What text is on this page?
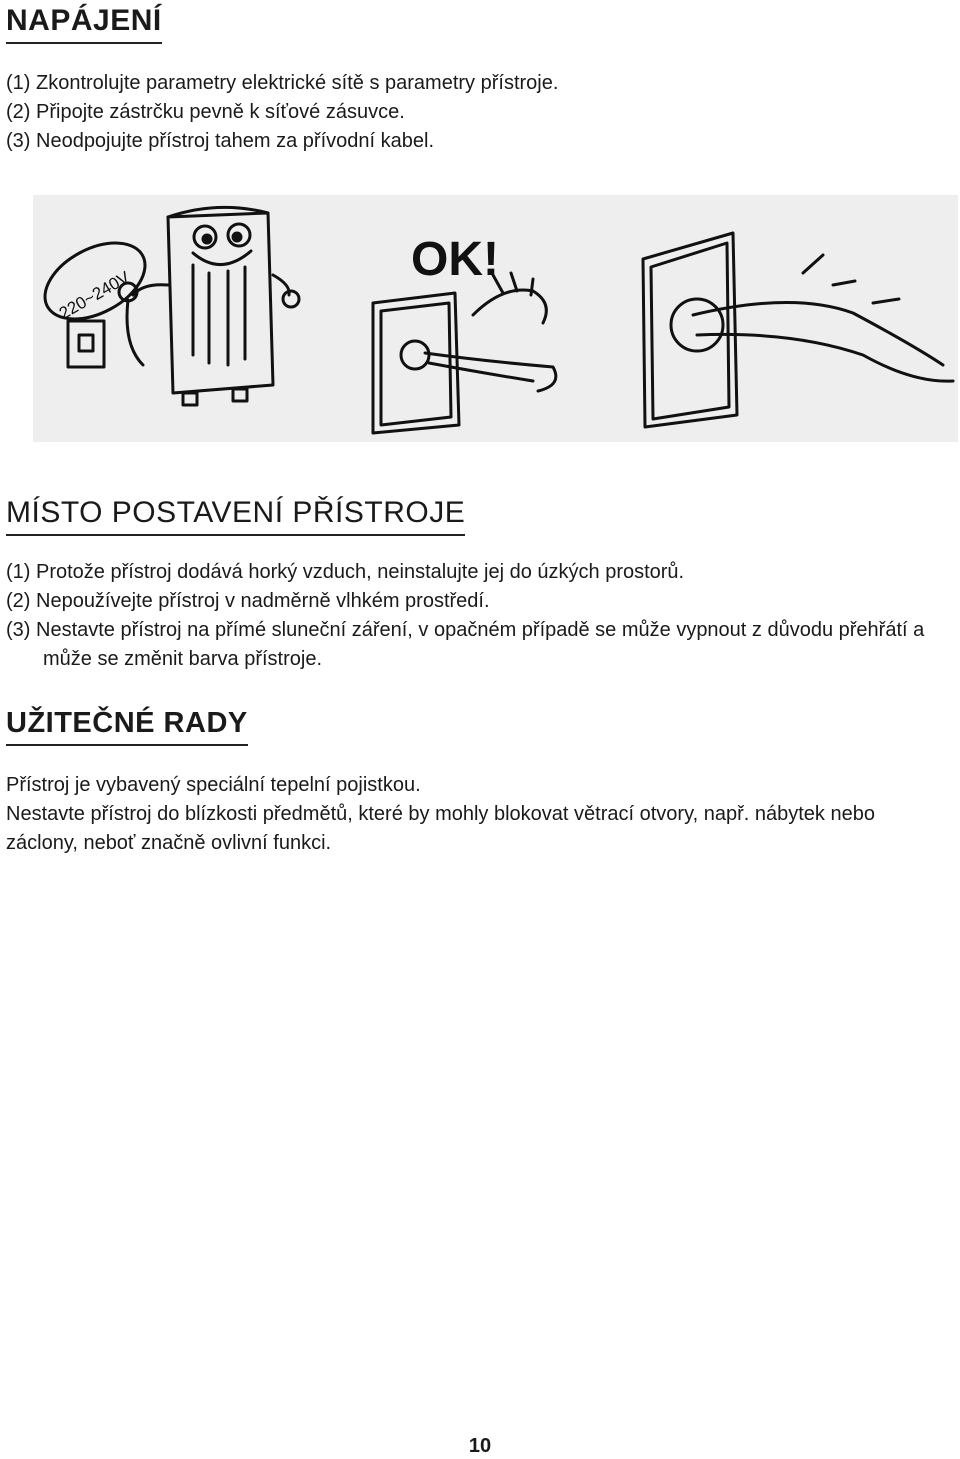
NAPÁJENÍ

(1) Zkontrolujte parametry elektrické sítě s parametry přístroje.

(2) Připojte zástrčku pevně k síťové zásuvce.

(3) Neodpojujte přístroj tahem za přívodní kabel.

220~240V
OK!
MÍSTO POSTAVENÍ PŘÍSTROJE

(1) Protože přístroj dodává horký vzduch, neinstalujte jej do úzkých prostorů.

(2) Nepoužívejte přístroj v nadměrně vlhkém prostředí.

(3) Nestavte přístroj na přímé sluneční záření, v opačném případě se může vypnout z důvodu přehřátí a může se změnit barva přístroje.

UŽITEČNÉ RADY

Přístroj je vybavený speciální tepelní pojistkou.

Nestavte přístroj do blízkosti předmětů, které by mohly blokovat větrací otvory, např. nábytek nebo záclony, neboť značně ovlivní funkci.

10
